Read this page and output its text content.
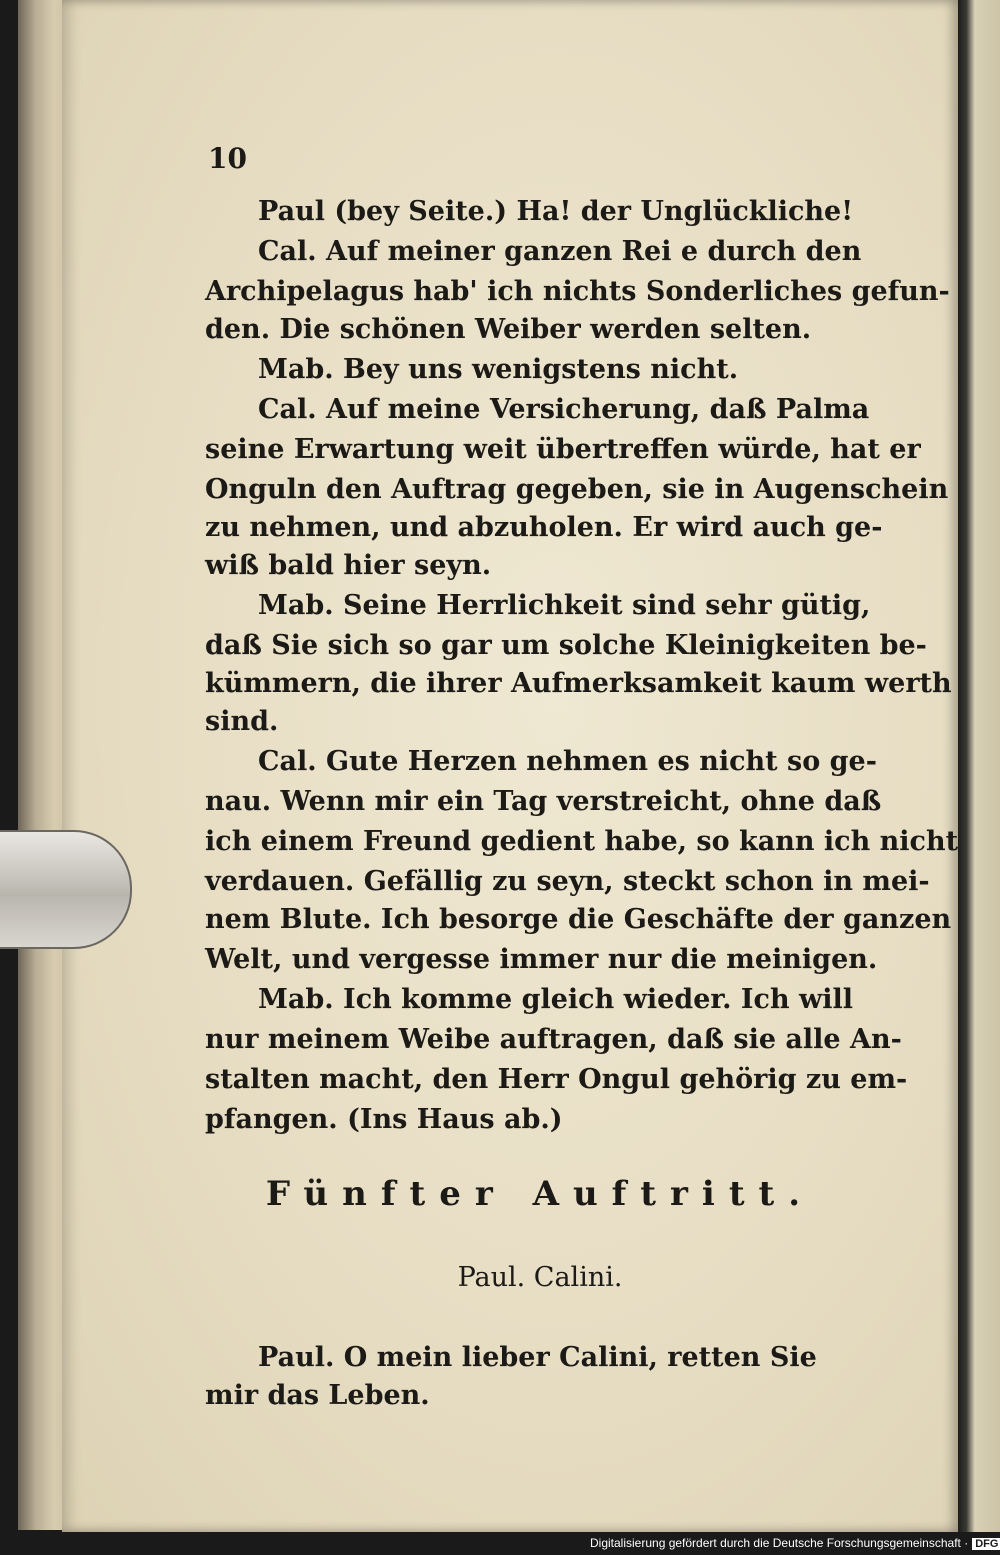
10
Paul (bey Seite.) Ha! der Unglückliche!
Cal. Auf meiner ganzen Rei e durch den
Archipelagus hab' ich nichts Sonderliches gefun-
den. Die schönen Weiber werden selten.
Mab. Bey uns wenigstens nicht.
Cal. Auf meine Versicherung, daß Palma
seine Erwartung weit übertreffen würde, hat er
Onguln den Auftrag gegeben, sie in Augenschein
zu nehmen, und abzuholen. Er wird auch ge-
wiß bald hier seyn.
Mab. Seine Herrlichkeit sind sehr gütig,
daß Sie sich so gar um solche Kleinigkeiten be-
kümmern, die ihrer Aufmerksamkeit kaum werth
sind.
Cal. Gute Herzen nehmen es nicht so ge-
nau. Wenn mir ein Tag verstreicht, ohne daß
ich einem Freund gedient habe, so kann ich nicht
verdauen. Gefällig zu seyn, steckt schon in mei-
nem Blute. Ich besorge die Geschäfte der ganzen
Welt, und vergesse immer nur die meinigen.
Mab. Ich komme gleich wieder. Ich will
nur meinem Weibe auftragen, daß sie alle An-
stalten macht, den Herr Ongul gehörig zu em-
pfangen. (Ins Haus ab.)
Fünfter Auftritt.
Paul. Calini.
Paul. O mein lieber Calini, retten Sie
mir das Leben.
Digitalisierung gefördert durch die Deutsche Forschungsgemeinschaft · DFG
